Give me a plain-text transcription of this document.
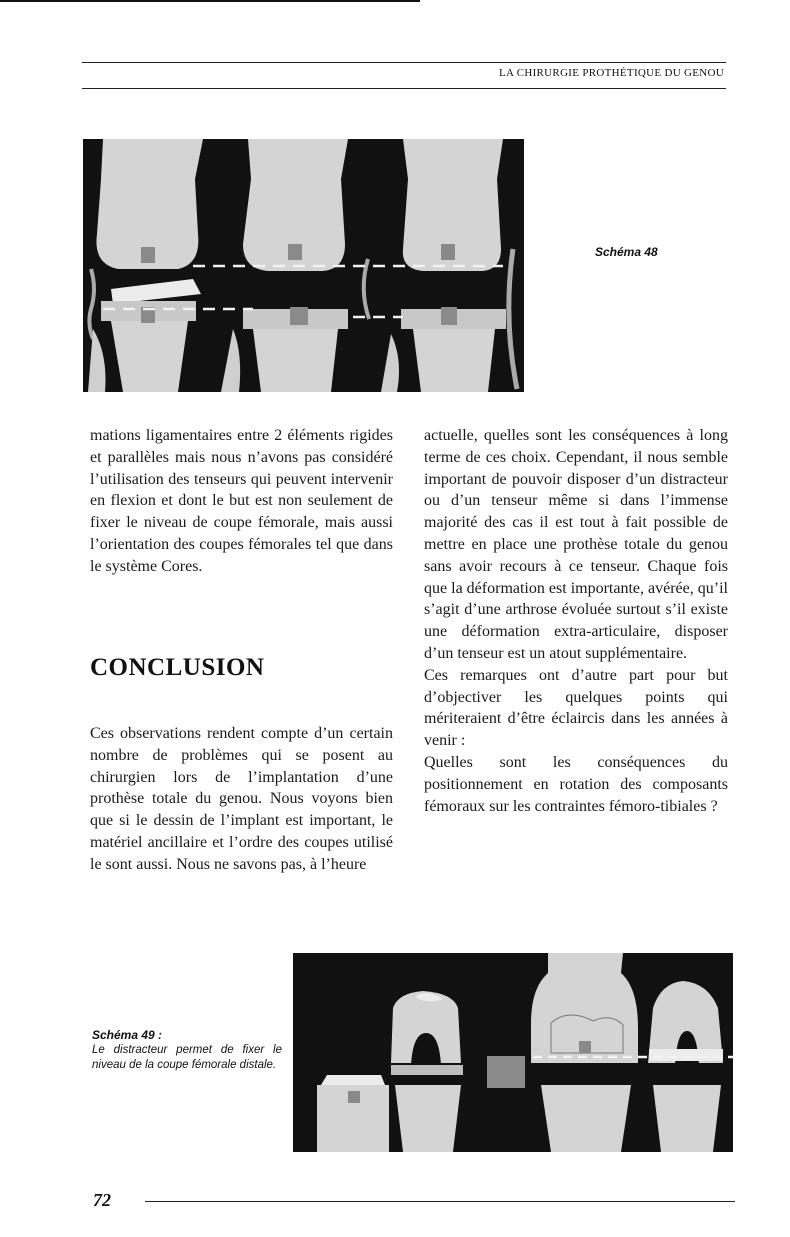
LA CHIRURGIE PROTHÉTIQUE DU GENOU
Schéma 48

mations ligamentaires entre 2 éléments rigides et parallèles mais nous n’avons pas considéré l’utilisation des tenseurs qui peuvent intervenir en flexion et dont le but est non seulement de fixer le niveau de coupe fémorale, mais aussi l’orientation des coupes fémorales tel que dans le système Cores.

CONCLUSION

Ces observations rendent compte d’un certain nombre de problèmes qui se posent au chirurgien lors de l’implantation d’une prothèse totale du genou. Nous voyons bien que si le dessin de l’implant est important, le matériel ancillaire et l’ordre des coupes utilisé le sont aussi. Nous ne savons pas, à l’heure

actuelle, quelles sont les conséquences à long terme de ces choix. Cependant, il nous semble important de pouvoir disposer d’un distracteur ou d’un tenseur même si dans l’immense majorité des cas il est tout à fait possible de mettre en place une prothèse totale du genou sans avoir recours à ce tenseur. Chaque fois que la déformation est importante, avérée, qu’il s’agit d’une arthrose évoluée surtout s’il existe une déformation extra-articulaire, disposer d’un tenseur est un atout supplémentaire.

Ces remarques ont d’autre part pour but d’objectiver les quelques points qui mériteraient d’être éclaircis dans les années à venir :

Quelles sont les conséquences du positionnement en rotation des composants fémoraux sur les contraintes fémoro-tibiales ?

Schéma 49 :
Le distracteur permet de fixer le niveau de la coupe fémorale distale.
72
